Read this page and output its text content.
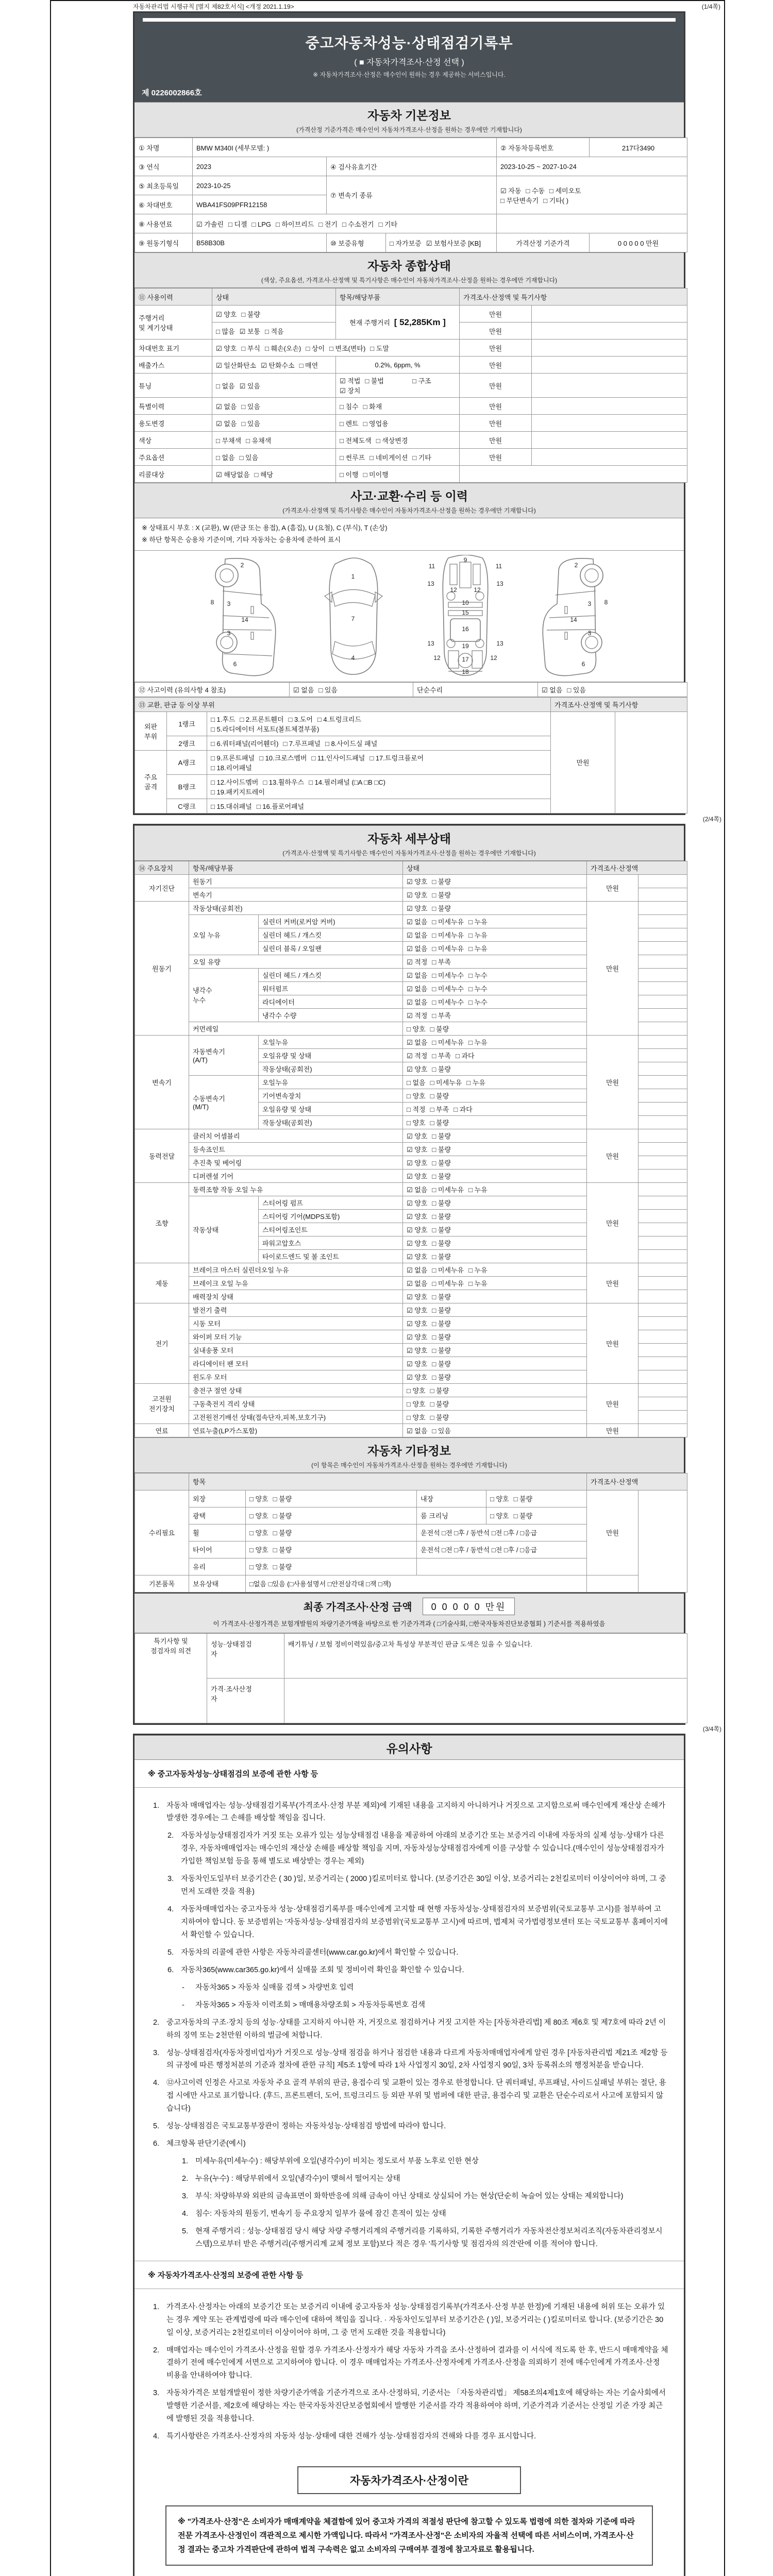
자동차관리법 시행규칙 [별지 제82호서식] <개정 2021.1.19>	(1/4쪽)
중고자동차성능·상태점검기록부
( ■ 자동차가격조사·산정 선택 )
※ 자동차가격조사·산정은 매수인이 원하는 경우 제공하는 서비스입니다.
제 0226002866호
자동차 기본정보
(가격산정 기준가격은 매수인이 자동차가격조사·산정을 원하는 경우에만 기재합니다)
① 차명	BMW M340I (세부모델: )			② 자동차등록번호	217다3490
③ 연식	2023	④ 검사유효기간		2023-10-25 ~ 2027-10-24	
⑤ 최초등록일	2023-10-25	⑦ 변속기 종류		☑ 자동 □ 수동 □ 세미오토
□ 무단변속기 □ 기타( )	

⑥ 차대번호	WBA41FS09PFR12158				
⑧ 사용연료	☑ 가솔린 □ 디젤 □ LPG □ 하이브리드 □ 전기 □ 수소전기 □ 기타				
⑨ 원동기형식	B58B30B	⑩ 보증유형	□ 자가보증 ☑ 보험사보증 [KB]	가격산정 기준가격	0 0 0 0 0 만원
자동차 종합상태
(색상, 주요옵션, 가격조사·산정액 및 특기사항은 매수인이 자동차가격조사·산정을 원하는 경우에만 기재합니다)
⑪ 사용이력	상태	항목/해당부품	가격조사·산정액 및 특기사항	
주행거리
및 계기상태	☑ 양호 □ 불량	현재 주행거리 [ 52,285Km ]	만원	
	□ 많음 ☑ 보통 □ 적음		만원	
차대번호 표기	☑ 양호 □ 부식 □ 훼손(오손) □ 상이 □ 변조(변타) □ 도말		만원	
배출가스	☑ 일산화탄소 ☑ 탄화수소 □ 매연	0.2%, 6ppm, %	만원	
튜닝	□ 없음 ☑ 있음	☑ 적법 □ 불법 □ 구조☑ 장치	만원	
특별이력	☑ 없음 □ 있음	□ 침수 □ 화재	만원	
용도변경	☑ 없음 □ 있음	□ 렌트 □ 영업용	만원	
색상	□ 무채색 □ 유채색	□ 전체도색 □ 색상변경	만원	
주요옵션	□ 없음 □ 있음	□ 썬루프 □ 네비게이션 □ 기타	만원	
리콜대상	☑ 해당없음 □ 해당	□ 이행 □ 미이행		
사고·교환·수리 등 이력
(가격조사·산정액 및 특기사항은 매수인이 자동차가격조사·산정을 원하는 경우에만 기재합니다)
※ 상태표시 부호 : X (교환), W (판금 또는 용접), A (흠집), U (요철), C (부식), T (손상)
※ 하단 항목은 승용차 기준이며, 기타 자동차는 승용차에 준하여 표시
2
8 3
14
3
6
1
7
4
9
11	11
13	13
12	12
10
15
16
19
13	13
12	12
17
18
2
8
3
14
3
6
⑫ 사고이력 (유의사항 4 참조)	☑ 없음 □ 있음	단순수리	☑ 없음 □ 있음
⑬ 교환, 판금 등 이상 부위			가격조사·산정액 및 특기사항	
외판
부위	1랭크	□ 1.후드 □ 2.프론트휀더 □ 3.도어 □ 4.트렁크리드
□ 5.라디에이터 서포트(볼트체결부품)	만원	
	2랭크	□ 6.쿼터패널(리어휀더) □ 7.루프패널 □ 8.사이드실 패널		
주요
골격	A랭크	□ 9.프론트패널 □ 10.크로스멤버 □ 11.인사이드패널 □ 17.트렁크플로어
□ 18.리어패널		
	B랭크	□ 12.사이드멤버 □ 13.휠하우스 □ 14.필러패널 (□A □B □C)
□ 19.패키지트레이		
	C랭크	□ 15.대쉬패널 □ 16.플로어패널		
(2/4쪽)
자동차 세부상태
(가격조사·산정액 및 특기사항은 매수인이 자동차가격조사·산정을 원하는 경우에만 기재합니다)
⑭ 주요장치	항목/해당부품		상태	가격조사·산정액	
자기진단	원동기		☑ 양호 □ 불량	만원	
	변속기		☑ 양호 □ 불량		
원동기	작동상태(공회전)		☑ 양호 □ 불량	만원	
	오일 누유	실린더 커버(로커암 커버)	☑ 없음 □ 미세누유 □ 누유		
		실린더 헤드 / 개스킷	☑ 없음 □ 미세누유 □ 누유		
		실린더 블록 / 오일팬	☑ 없음 □ 미세누유 □ 누유		
	오일 유량		☑ 적정 □ 부족		
	냉각수
누수	실린더 헤드 / 개스킷	☑ 없음 □ 미세누수 □ 누수		
		워터펌프	☑ 없음 □ 미세누수 □ 누수		
		라디에이터	☑ 없음 □ 미세누수 □ 누수		
		냉각수 수량	☑ 적정 □ 부족		
	커먼레일		□ 양호 □ 불량		
변속기	자동변속기
(A/T)	오일누유	☑ 없음 □ 미세누유 □ 누유	만원	
		오일유량 및 상태	☑ 적정 □ 부족 □ 과다		
		작동상태(공회전)	☑ 양호 □ 불량		
	수동변속기
(M/T)	오일누유	□ 없음 □ 미세누유 □ 누유		
		기어변속장치	□ 양호 □ 불량		
		오일유량 및 상태	□ 적정 □ 부족 □ 과다		
		작동상태(공회전)	□ 양호 □ 불량		
동력전달	클러치 어셈블리		☑ 양호 □ 불량	만원	
	등속죠인트		☑ 양호 □ 불량		
	추진축 및 베어링		☑ 양호 □ 불량		
	디퍼렌셜 기어		☑ 양호 □ 불량		
조향	동력조향 작동 오일 누유		☑ 없음 □ 미세누유 □ 누유	만원	
	작동상태	스티어링 펌프	☑ 양호 □ 불량		
		스티어링 기어(MDPS포함)	☑ 양호 □ 불량		
		스티어링조인트	☑ 양호 □ 불량		
		파워고압호스	☑ 양호 □ 불량		
		타이로드엔드 및 볼 조인트	☑ 양호 □ 불량		
제동	브레이크 마스터 실린더오일 누유		☑ 없음 □ 미세누유 □ 누유	만원	
	브레이크 오일 누유		☑ 없음 □ 미세누유 □ 누유		
	배력장치 상태		☑ 양호 □ 불량		
전기	발전기 출력		☑ 양호 □ 불량	만원	
	시동 모터		☑ 양호 □ 불량		
	와이퍼 모터 기능		☑ 양호 □ 불량		
	실내송풍 모터		☑ 양호 □ 불량		
	라디에이터 팬 모터		☑ 양호 □ 불량		
	윈도우 모터		☑ 양호 □ 불량		
고전원
전기장치	충전구 절연 상태		□ 양호 □ 불량	만원	
	구동축전지 격리 상태		□ 양호 □ 불량		
	고전원전기배선 상태(접속단자,피복,보호기구)		□ 양호 □ 불량		
연료	연료누출(LP가스포함)		☑ 없음 □ 있음	만원	
자동차 기타정보
(이 항목은 매수인이 자동차가격조사·산정을 원하는 경우에만 기재합니다)
	항목				가격조사·산정액	
수리필요	외장	□ 양호 □ 불량	내장	□ 양호 □ 불량	만원	
	광택	□ 양호 □ 불량	룸 크리닝	□ 양호 □ 불량		
	휠	□ 양호 □ 불량	운전석 □전 □후 / 동반석 □전 □후 / □응급			
	타이어	□ 양호 □ 불량	운전석 □전 □후 / 동반석 □전 □후 / □응급			
	유리	□ 양호 □ 불량				
기본품목	보유상태	□없음 □있음 (□사용설명서 □안전삼각대 □잭 □잭)				
최종 가격조사·산정 금액	0 0 0 0 0 만원
이 가격조사·산정가격은 보험개발원의 차량기준가액을 바탕으로 한 기준가격과 ( □기술사회, □한국자동차진단보증협회 ) 기준서를 적용하였음
특기사항 및
점검자의 의견	성능·상태점검
자	배기튜닝 / 보험 정비이력있음/중고차 특성상 부분적인 판금 도색은 있을 수 있습니다.
	가격·조사산정
자	
(3/4쪽)
유의사항
※ 중고자동차성능·상태점검의 보증에 관한 사항 등
1. 자동차 매매업자는 성능·상태점검기록부(가격조사·산정 부분 제외)에 기재된 내용을 고지하지 아니하거나 거짓으로 고지함으로써 매수인에게 재산상 손해가 발생한 경우에는 그 손해를 배상할 책임을 집니다.
2. 자동차성능상태점검자가 거짓 또는 오류가 있는 성능상태점검 내용을 제공하여 아래의 보증기간 또는 보증거리 이내에 자동차의 실제 성능·상태가 다른 경우, 자동차매매업자는 매수인의 재산상 손해를 배상할 책임을 지며, 자동차성능상태점검자에게 이를 구상할 수 있습니다.(매수인이 성능상태점검자가 가입한 책임보험 등을 통해 별도로 배상받는 경우는 제외)
3. 자동차인도일부터 보증기간은 ( 30 )일, 보증거리는 ( 2000 )킬로미터로 합니다. (보증기간은 30일 이상, 보증거리는 2천킬로미터 이상이어야 하며, 그 중 먼저 도래한 것을 적용)
4. 자동차매매업자는 중고자동차 성능·상태점검기록부를 매수인에게 고지할 때 현행 자동차성능·상태점검자의 보증범위(국토교통부 고시)를 첨부하여 고지하여야 합니다. 동 보증범위는 '자동차성능·상태점검자의 보증범위'(국토교통부 고시)에 따르며, 법제처 국가법령정보센터 또는 국토교통부 홈페이지에서 확인할 수 있습니다.
5. 자동차의 리콜에 관한 사항은 자동차리콜센터(www.car.go.kr)에서 확인할 수 있습니다.
6. 자동차365(www.car365.go.kr)에서 실매물 조회 및 정비이력 확인을 확인할 수 있습니다.
-	자동차365 > 자동차 실매물 검색 > 차량번호 입력
-	자동차365 > 자동차 이력조회 > 매매용차량조회 > 자동차등록번호 검색
2. 중고자동차의 구조·장치 등의 성능·상태를 고지하지 아니한 자, 거짓으로 점검하거나 거짓 고지한 자는 [자동차관리법] 제 80조 제6호 및 제7호에 따라 2년 이하의 징역 또는 2천만원 이하의 벌금에 처합니다.
3. 성능·상태점검자(자동차정비업자)가 거짓으로 성능·상태 점검을 하거나 점검한 내용과 다르게 자동차매매업자에게 알린 경우 [자동차관리법 제21조 제2항 등의 규정에 따른 행정처분의 기준과 절차에 관한 규칙] 제5조 1항에 따라 1차 사업정지 30일, 2차 사업정지 90일, 3차 등록취소의 행정처분을 받습니다.
4. ⑫사고이력 인정은 사고로 자동차 주요 골격 부위의 판금, 용접수리 및 교환이 있는 경우로 한정합니다. 단 쿼터패널, 루프패널, 사이드실패널 부위는 절단, 용접 시에만 사고로 표기합니다. (후드, 프론트펜더, 도어, 트렁크리드 등 외판 부위 및 범퍼에 대한 판금, 용접수리 및 교환은 단순수리로서 사고에 포함되지 않습니다)
5. 성능·상태점검은 국토교통부장관이 정하는 자동차성능·상태점검 방법에 따라야 합니다.
6. 체크항목 판단기준(예시)
1. 미세누유(미세누수) : 해당부위에 오일(냉각수)이 비치는 정도로서 부품 노후로 인한 현상
2. 누유(누수) : 해당부위에서 오일(냉각수)이 맺혀서 떨어지는 상태
3. 부식: 차량하부와 외판의 금속표면이 화학반응에 의해 금속이 아닌 상태로 상실되어 가는 현상(단순히 녹슬어 있는 상태는 제외합니다)
4. 침수: 자동차의 원동기, 변속기 등 주요장치 일부가 물에 잠긴 흔적이 있는 상태
5. 현재 주행거리 : 성능·상태점검 당시 해당 차량 주행거리계의 주행거리를 기록하되, 기록한 주행거리가 자동차전산정보처리조직(자동차관리정보시스템)으로부터 받은 주행거리(주행거리계 교체 정보 포함)보다 적은 경우 '특기사항 및 점검자의 의견'란에 이를 적어야 합니다.
※ 자동차가격조사·산정의 보증에 관한 사항 등
1. 가격조사·산정자는 아래의 보증기간 또는 보증거리 이내에 중고자동차 성능·상태점검기록부(가격조사·산정 부분 한정)에 기재된 내용에 허위 또는 오류가 있는 경우 계약 또는 관계법령에 따라 매수인에 대하여 책임을 집니다. · 자동차인도일부터 보증기간은 ( )일, 보증거리는 ( )킬로미터로 합니다. (보증기간은 30일 이상, 보증거리는 2천킬로미터 이상이어야 하며, 그 중 먼저 도래한 것을 적용합니다)
2. 매매업자는 매수인이 가격조사·산정을 원할 경우 가격조사·산정자가 해당 자동차 가격을 조사·산정하여 결과를 이 서식에 적도록 한 후, 반드시 매매계약을 체결하기 전에 매수인에게 서면으로 고지하여야 합니다. 이 경우 매매업자는 가격조사·산정자에게 가격조사·산정을 의뢰하기 전에 매수인에게 가격조사·산정 비용을 안내하여야 합니다.
3. 자동차가격은 보험개발원이 정한 차량기준가액을 기준가격으로 조사·산정하되, 기준서는 「자동차관리법」 제58조의4제1호에 해당하는 자는 기술사회에서 발행한 기준서를, 제2호에 해당하는 자는 한국자동차진단보증협회에서 발행한 기준서를 각각 적용하여야 하며, 기준가격과 기준서는 산정일 기준 가장 최근에 발행된 것을 적용합니다.
4. 특기사항란은 가격조사·산정자의 자동차 성능·상태에 대한 견해가 성능·상태점검자의 견해와 다를 경우 표시합니다.
자동차가격조사·산정이란
※ "가격조사·산정"은 소비자가 매매계약을 체결함에 있어 중고차 가격의 적절성 판단에 참고할 수 있도록 법령에 의한 절차와 기준에 따라 전문 가격조사·산정인이 객관적으로 제시한 가액입니다. 따라서 "가격조사·산정"은 소비자의 자율적 선택에 따른 서비스이며, 가격조사·산정 결과는 중고차 가격판단에 관하여 법적 구속력은 없고 소비자의 구매여부 결정에 참고자료로 활용됩니다.
